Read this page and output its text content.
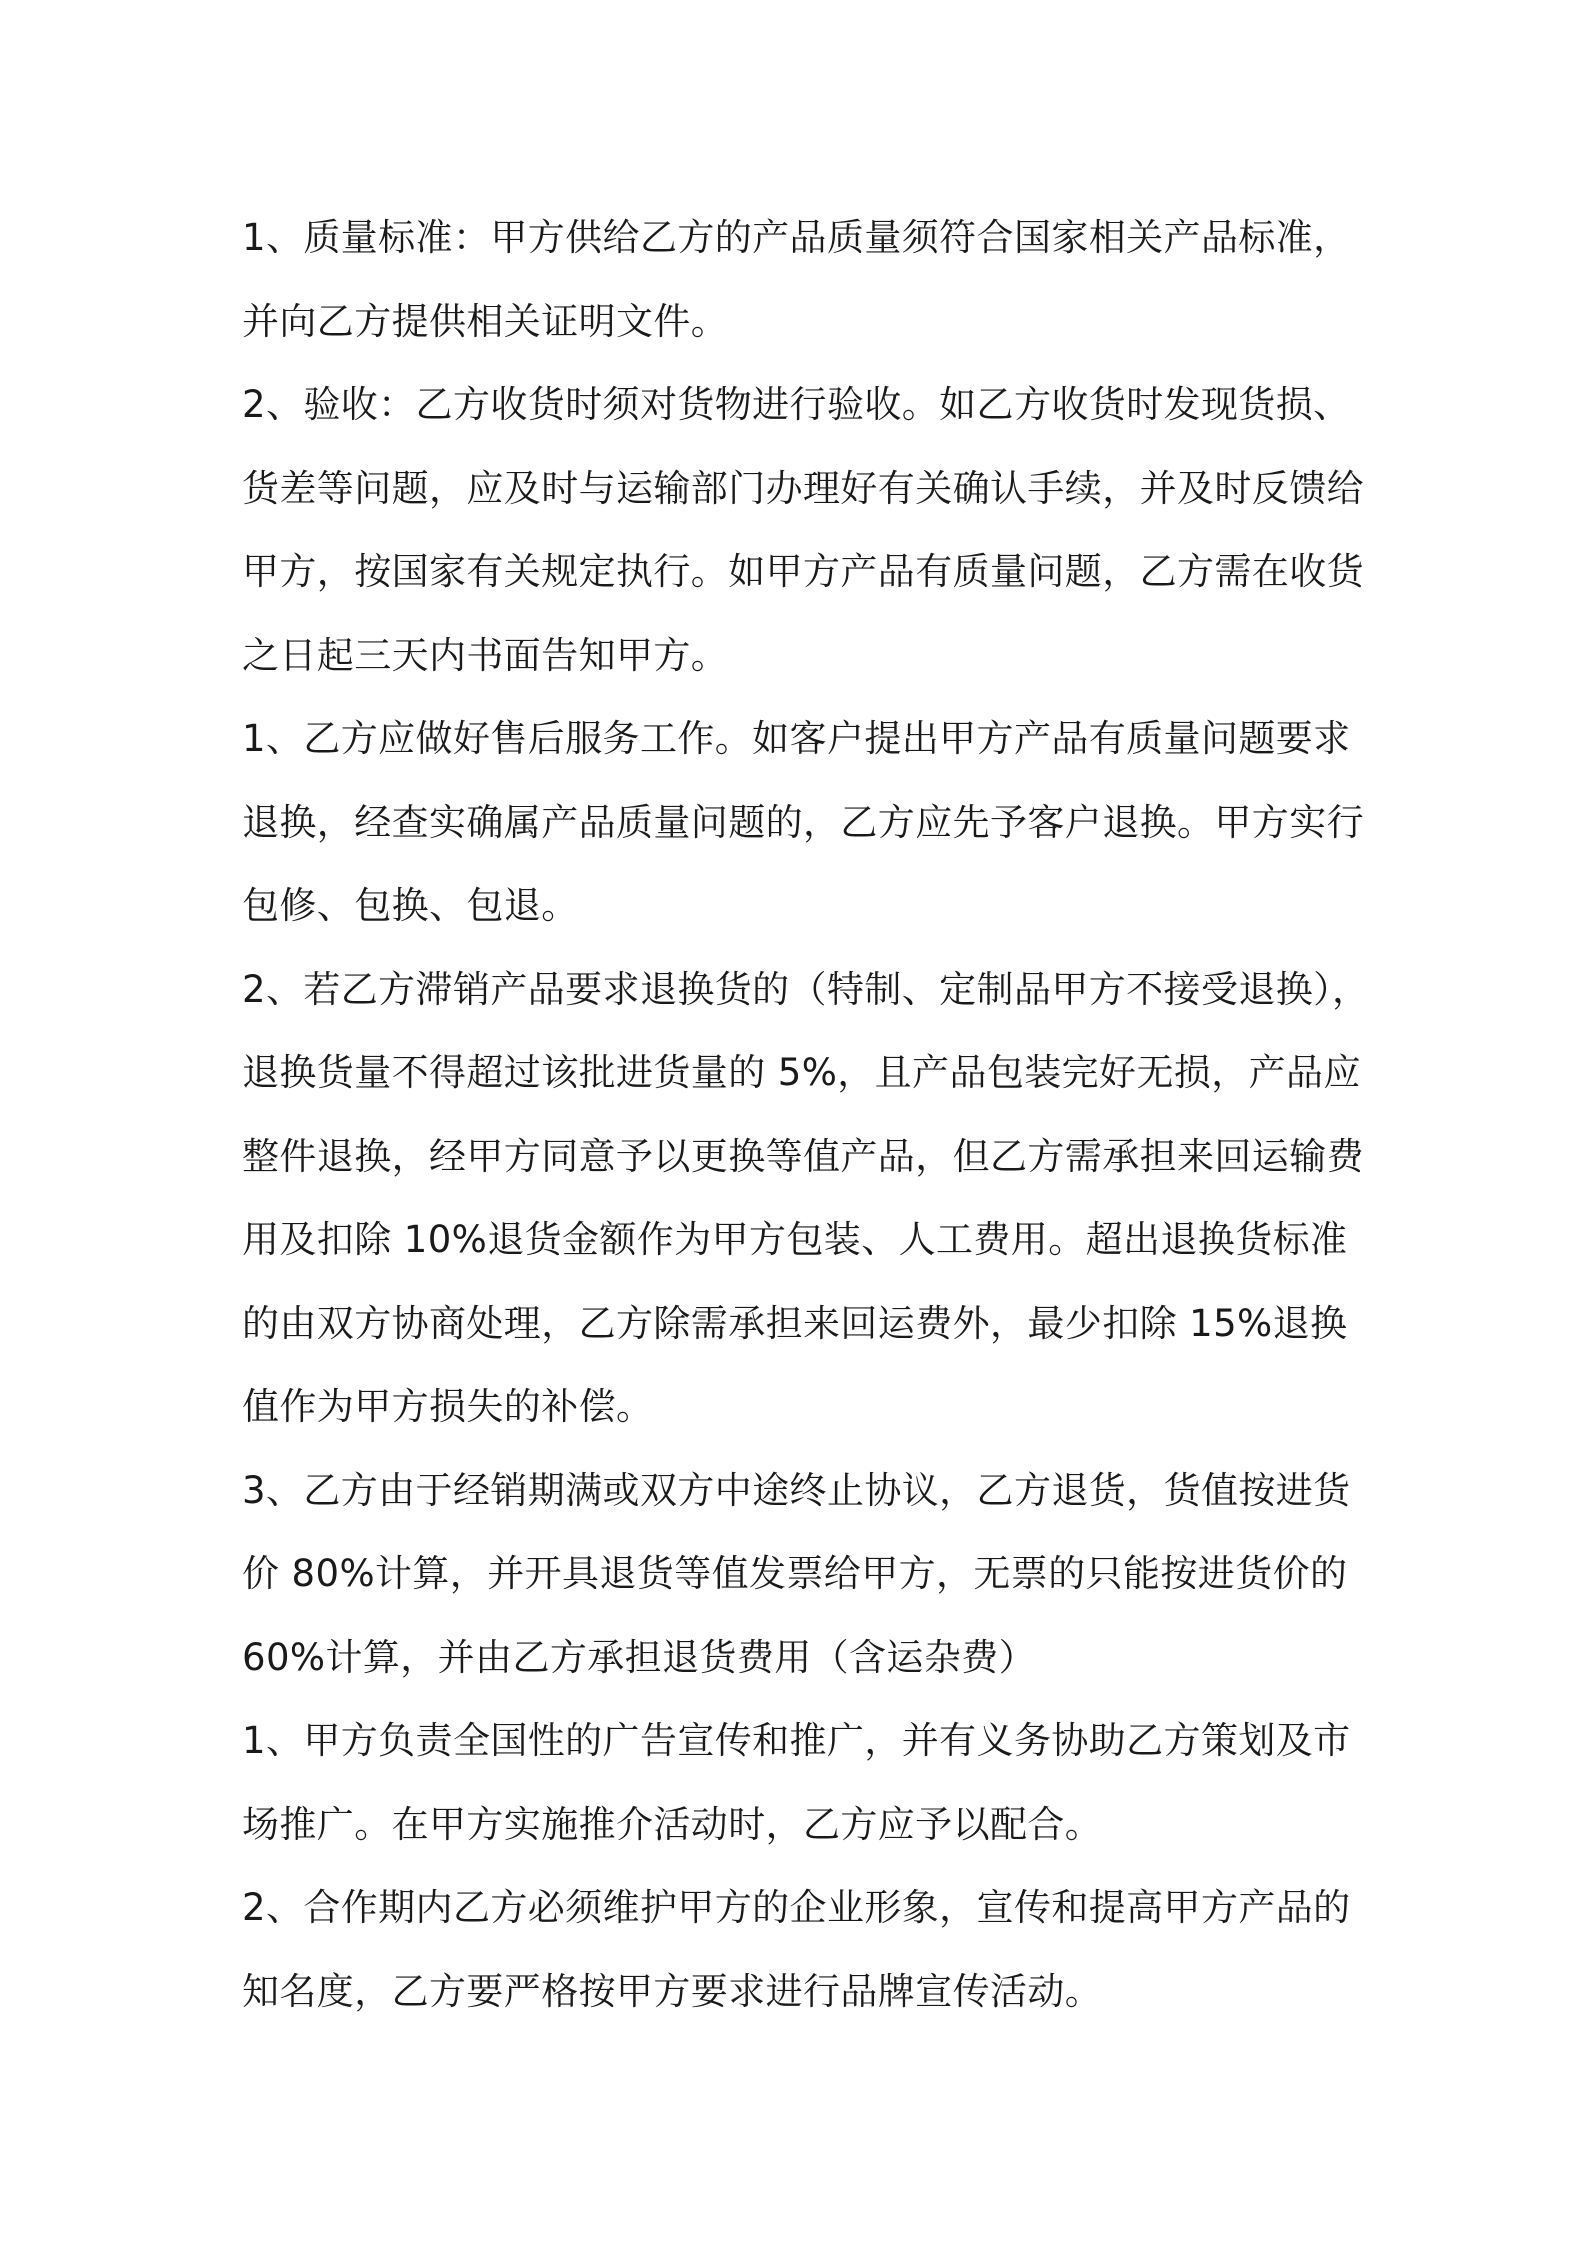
1、质量标准：甲方供给乙方的产品质量须符合国家相关产品标准，
并向乙方提供相关证明文件。
2、验收：乙方收货时须对货物进行验收。如乙方收货时发现货损、
货差等问题，应及时与运输部门办理好有关确认手续，并及时反馈给
甲方，按国家有关规定执行。如甲方产品有质量问题，乙方需在收货
之日起三天内书面告知甲方。
1、乙方应做好售后服务工作。如客户提出甲方产品有质量问题要求
退换，经查实确属产品质量问题的，乙方应先予客户退换。甲方实行
包修、包换、包退。
2、若乙方滞销产品要求退换货的（特制、定制品甲方不接受退换），
退换货量不得超过该批进货量的 5%，且产品包装完好无损，产品应
整件退换，经甲方同意予以更换等值产品，但乙方需承担来回运输费
用及扣除 10%退货金额作为甲方包装、人工费用。超出退换货标准
的由双方协商处理，乙方除需承担来回运费外，最少扣除 15%退换
值作为甲方损失的补偿。
3、乙方由于经销期满或双方中途终止协议，乙方退货，货值按进货
价 80%计算，并开具退货等值发票给甲方，无票的只能按进货价的
60%计算，并由乙方承担退货费用（含运杂费）
1、甲方负责全国性的广告宣传和推广，并有义务协助乙方策划及市
场推广。在甲方实施推介活动时，乙方应予以配合。
2、合作期内乙方必须维护甲方的企业形象，宣传和提高甲方产品的
知名度，乙方要严格按甲方要求进行品牌宣传活动。
